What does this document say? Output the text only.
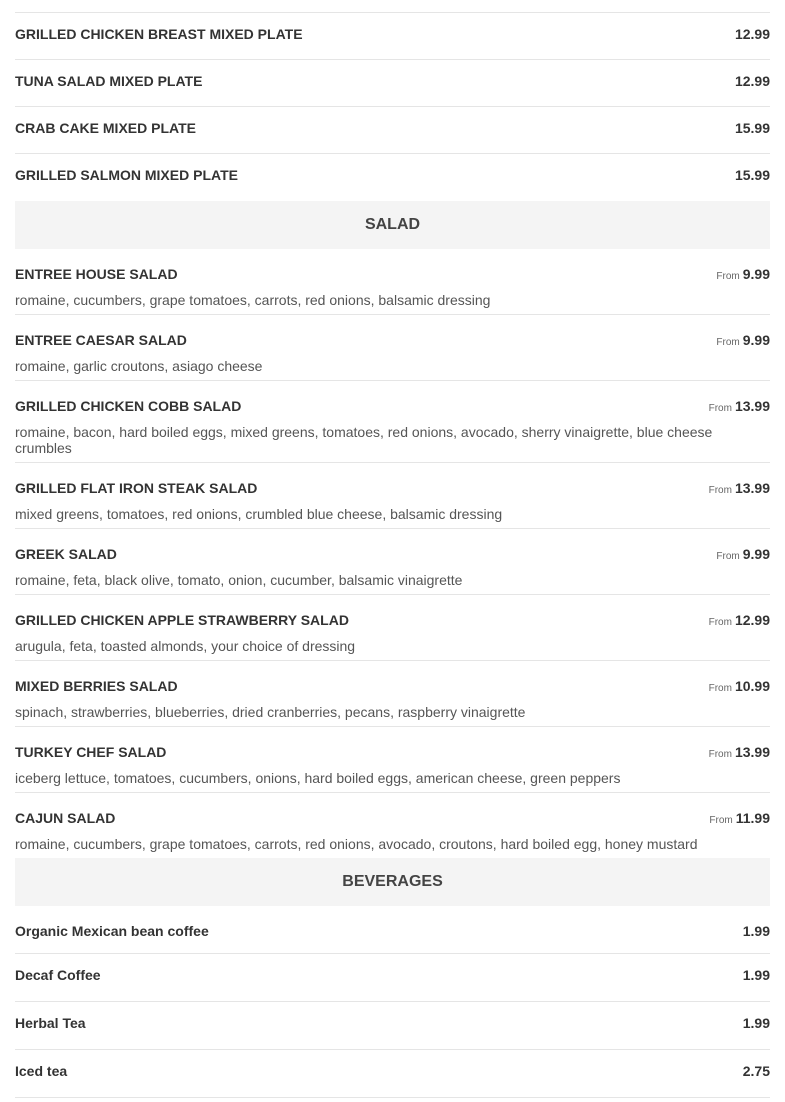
GRILLED CHICKEN BREAST MIXED PLATE	12.99
TUNA SALAD MIXED PLATE	12.99
CRAB CAKE MIXED PLATE	15.99
GRILLED SALMON MIXED PLATE	15.99
SALAD
ENTREE HOUSE SALAD	From 9.99
romaine, cucumbers, grape tomatoes, carrots, red onions, balsamic dressing
ENTREE CAESAR SALAD	From 9.99
romaine, garlic croutons, asiago cheese
GRILLED CHICKEN COBB SALAD	From 13.99
romaine, bacon, hard boiled eggs, mixed greens, tomatoes, red onions, avocado, sherry vinaigrette, blue cheese crumbles
GRILLED FLAT IRON STEAK SALAD	From 13.99
mixed greens, tomatoes, red onions, crumbled blue cheese, balsamic dressing
GREEK SALAD	From 9.99
romaine, feta, black olive, tomato, onion, cucumber, balsamic vinaigrette
GRILLED CHICKEN APPLE STRAWBERRY SALAD	From 12.99
arugula, feta, toasted almonds, your choice of dressing
MIXED BERRIES SALAD	From 10.99
spinach, strawberries, blueberries, dried cranberries, pecans, raspberry vinaigrette
TURKEY CHEF SALAD	From 13.99
iceberg lettuce, tomatoes, cucumbers, onions, hard boiled eggs, american cheese, green peppers
CAJUN SALAD	From 11.99
romaine, cucumbers, grape tomatoes, carrots, red onions, avocado, croutons, hard boiled egg, honey mustard
BEVERAGES
Organic Mexican bean coffee	1.99
Decaf Coffee	1.99
Herbal Tea	1.99
Iced tea	2.75
